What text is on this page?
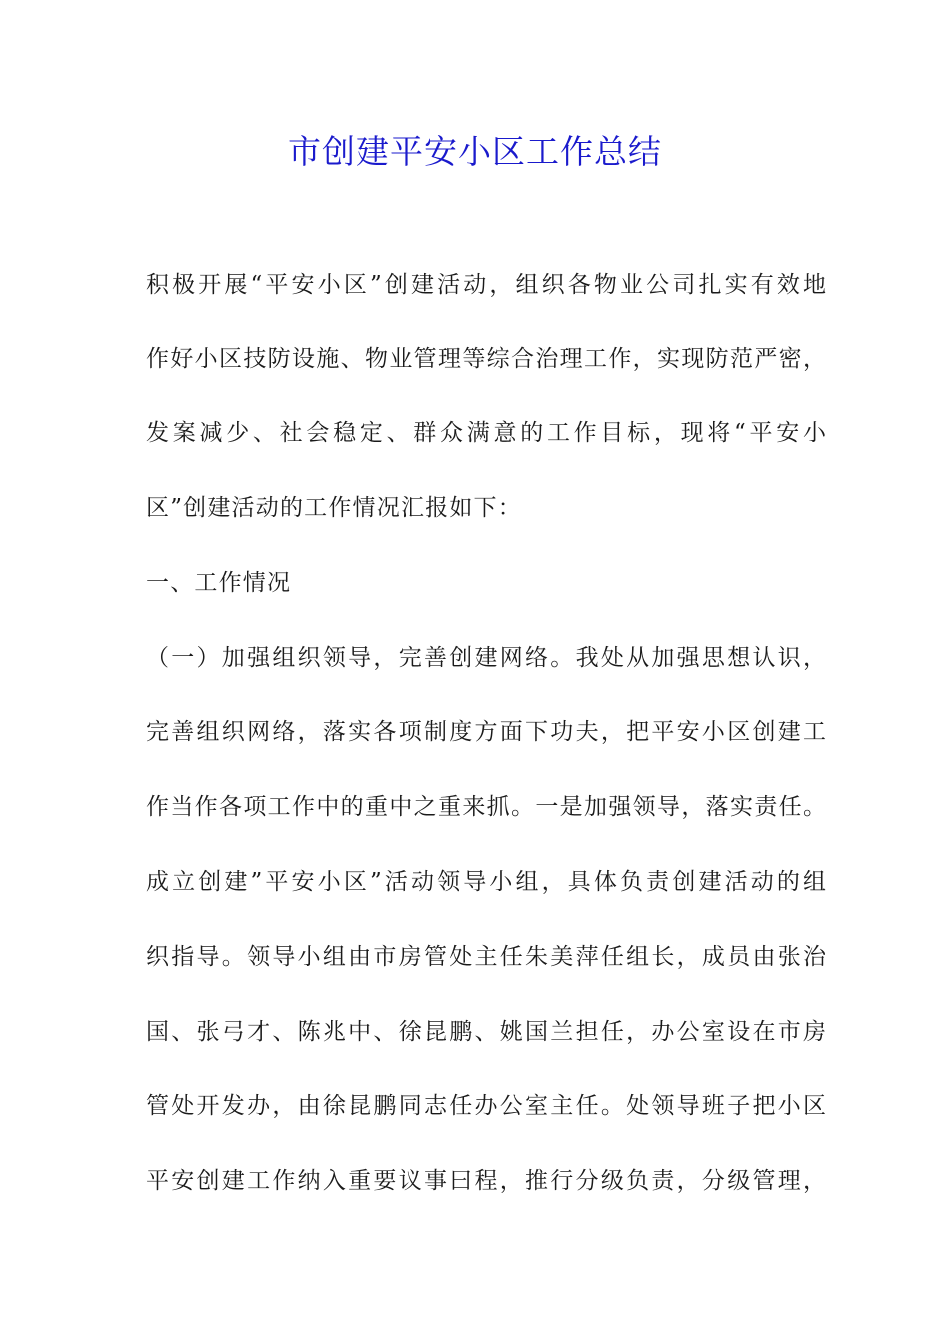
市创建平安小区工作总结

积极开展“平安小区”创建活动，组织各物业公司扎实有效地

作好小区技防设施、物业管理等综合治理工作，实现防范严密，

发案减少、社会稳定、群众满意的工作目标，现将“平安小

区”创建活动的工作情况汇报如下：

一、工作情况

（一）加强组织领导，完善创建网络。我处从加强思想认识，

完善组织网络，落实各项制度方面下功夫，把平安小区创建工

作当作各项工作中的重中之重来抓。一是加强领导，落实责任。

成立创建”平安小区”活动领导小组，具体负责创建活动的组

织指导。领导小组由市房管处主任朱美萍任组长，成员由张治

国、张弓才、陈兆中、徐昆鹏、姚国兰担任，办公室设在市房

管处开发办，由徐昆鹏同志任办公室主任。处领导班子把小区

平安创建工作纳入重要议事曰程，推行分级负责，分级管理，
